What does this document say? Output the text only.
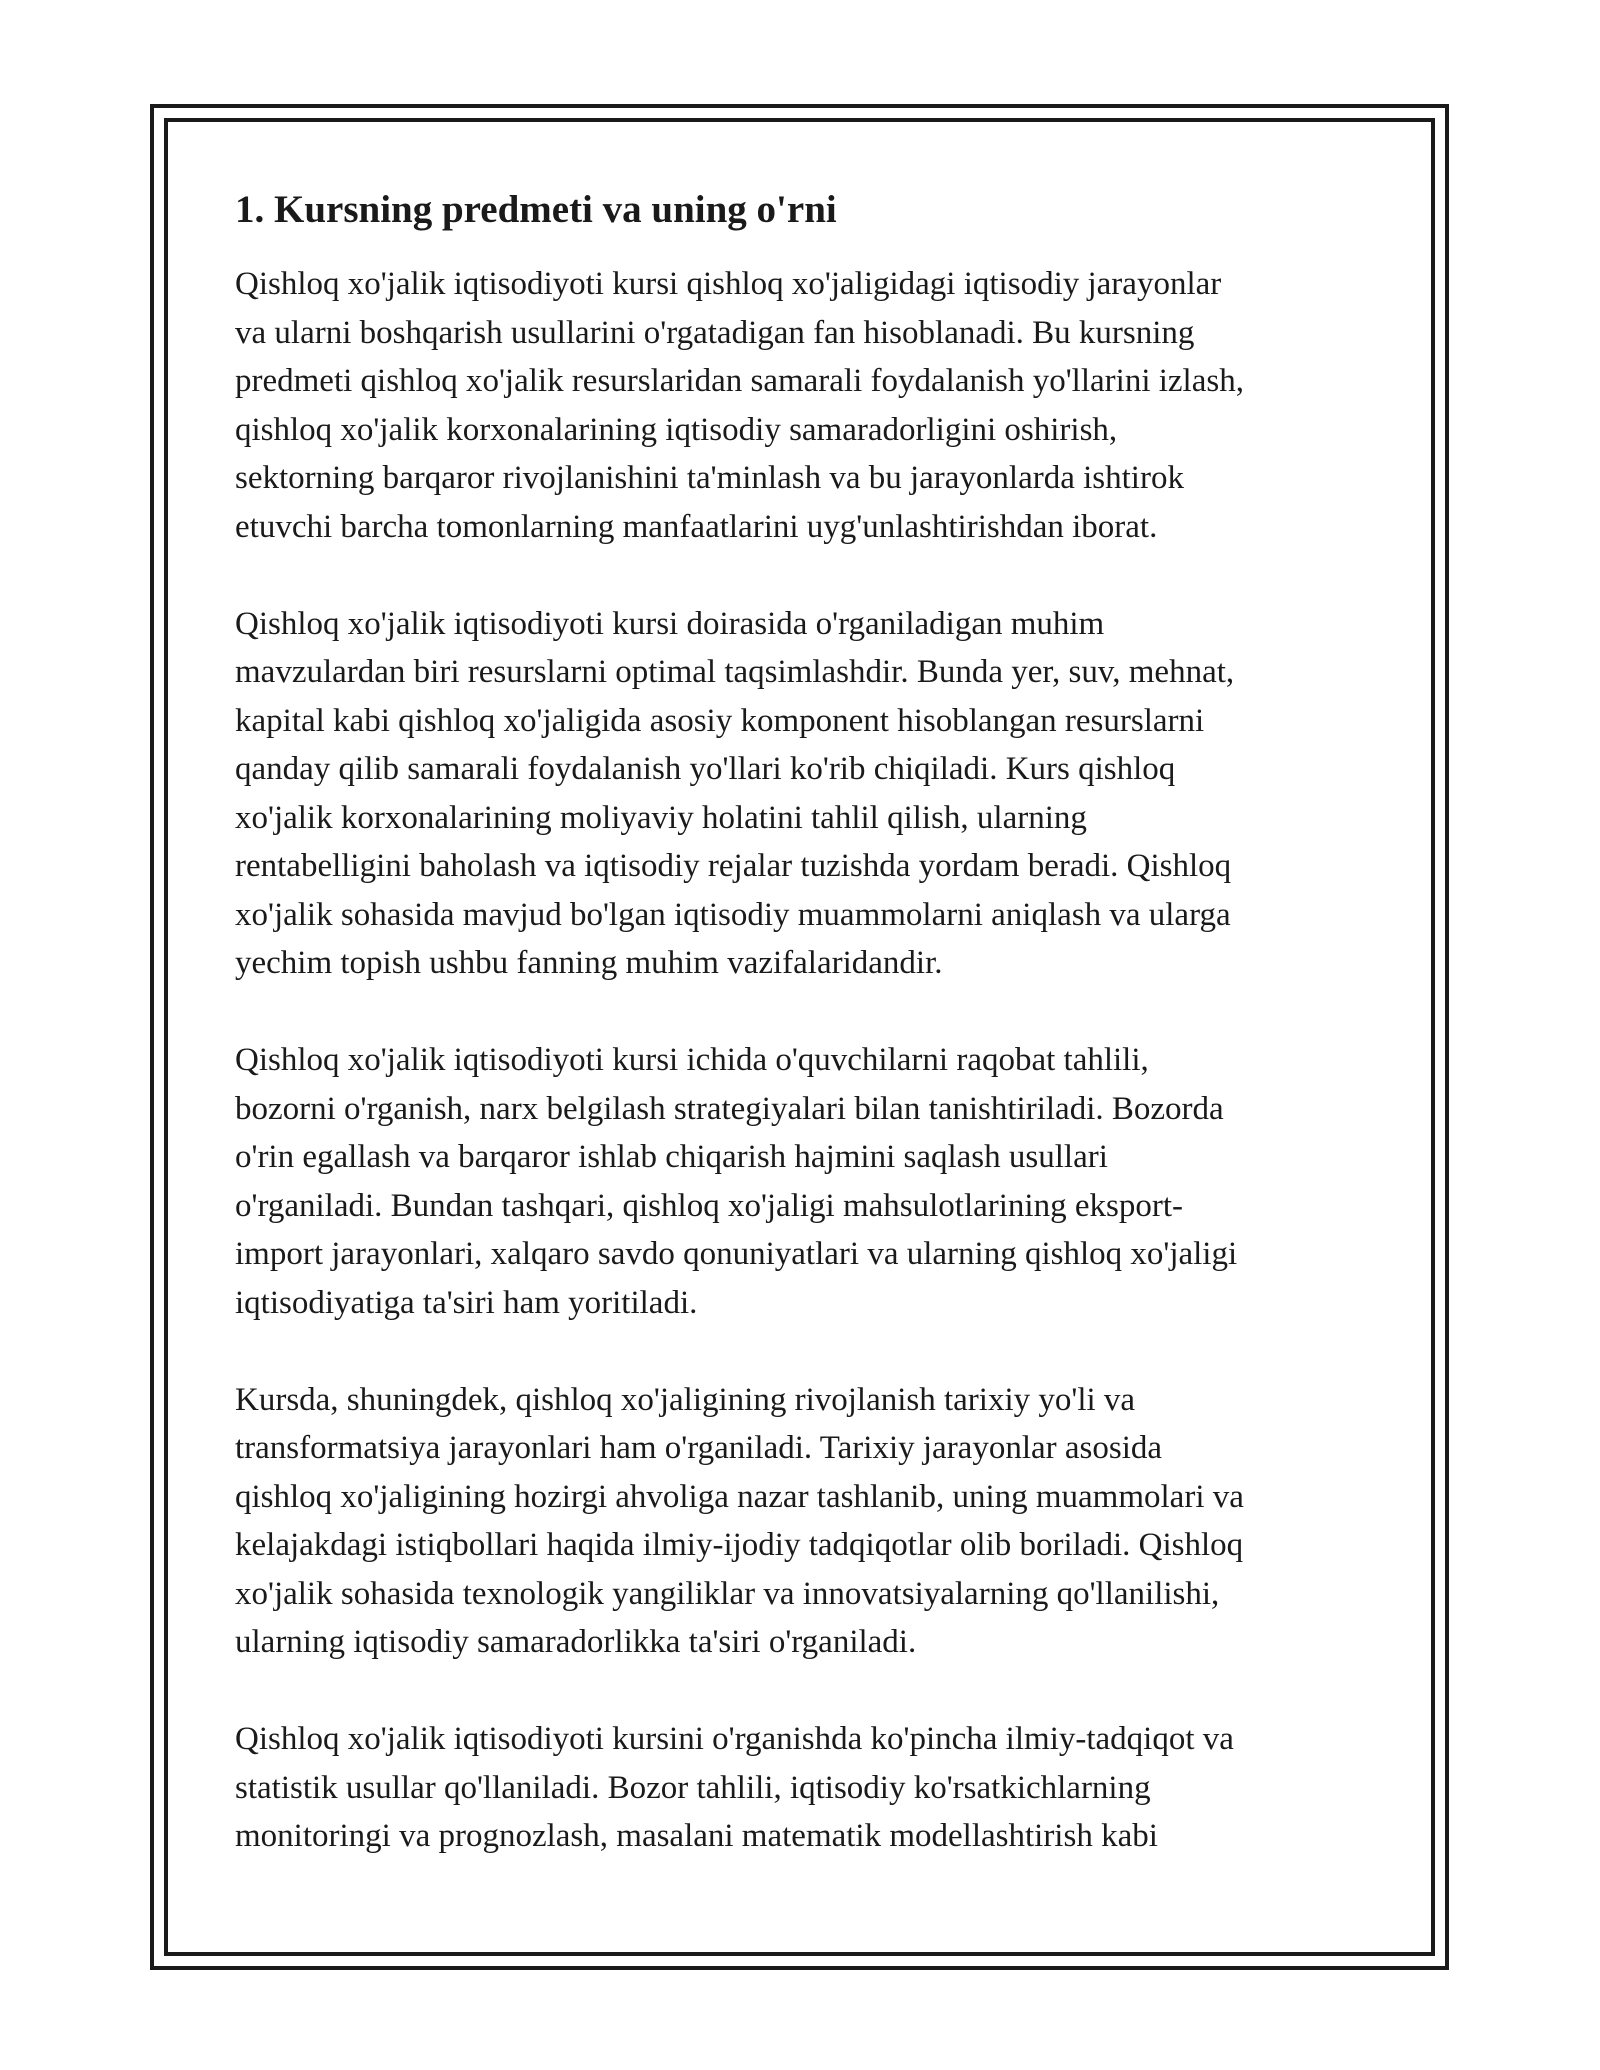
1. Kursning predmeti va uning o'rni

Qishloq xo'jalik iqtisodiyoti kursi qishloq xo'jaligidagi iqtisodiy jarayonlar
va ularni boshqarish usullarini o'rgatadigan fan hisoblanadi. Bu kursning
predmeti qishloq xo'jalik resurslaridan samarali foydalanish yo'llarini izlash,
qishloq xo'jalik korxonalarining iqtisodiy samaradorligini oshirish,
sektorning barqaror rivojlanishini ta'minlash va bu jarayonlarda ishtirok
etuvchi barcha tomonlarning manfaatlarini uyg'unlashtirishdan iborat.

Qishloq xo'jalik iqtisodiyoti kursi doirasida o'rganiladigan muhim
mavzulardan biri resurslarni optimal taqsimlashdir. Bunda yer, suv, mehnat,
kapital kabi qishloq xo'jaligida asosiy komponent hisoblangan resurslarni
qanday qilib samarali foydalanish yo'llari ko'rib chiqiladi. Kurs qishloq
xo'jalik korxonalarining moliyaviy holatini tahlil qilish, ularning
rentabelligini baholash va iqtisodiy rejalar tuzishda yordam beradi. Qishloq
xo'jalik sohasida mavjud bo'lgan iqtisodiy muammolarni aniqlash va ularga
yechim topish ushbu fanning muhim vazifalaridandir.

Qishloq xo'jalik iqtisodiyoti kursi ichida o'quvchilarni raqobat tahlili,
bozorni o'rganish, narx belgilash strategiyalari bilan tanishtiriladi. Bozorda
o'rin egallash va barqaror ishlab chiqarish hajmini saqlash usullari
o'rganiladi. Bundan tashqari, qishloq xo'jaligi mahsulotlarining eksport-
import jarayonlari, xalqaro savdo qonuniyatlari va ularning qishloq xo'jaligi
iqtisodiyatiga ta'siri ham yoritiladi.

Kursda, shuningdek, qishloq xo'jaligining rivojlanish tarixiy yo'li va
transformatsiya jarayonlari ham o'rganiladi. Tarixiy jarayonlar asosida
qishloq xo'jaligining hozirgi ahvoliga nazar tashlanib, uning muammolari va
kelajakdagi istiqbollari haqida ilmiy-ijodiy tadqiqotlar olib boriladi. Qishloq
xo'jalik sohasida texnologik yangiliklar va innovatsiyalarning qo'llanilishi,
ularning iqtisodiy samaradorlikka ta'siri o'rganiladi.

Qishloq xo'jalik iqtisodiyoti kursini o'rganishda ko'pincha ilmiy-tadqiqot va
statistik usullar qo'llaniladi. Bozor tahlili, iqtisodiy ko'rsatkichlarning
monitoringi va prognozlash, masalani matematik modellashtirish kabi
